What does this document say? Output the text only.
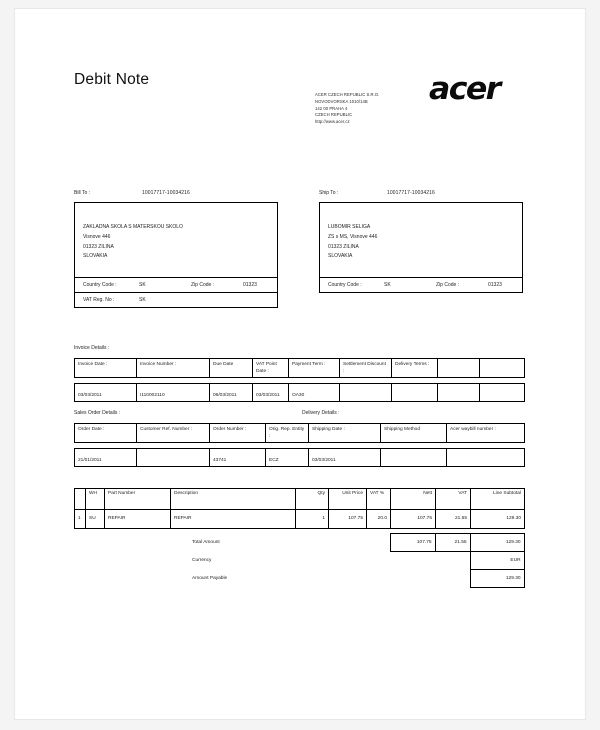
Debit Note
ACER CZECH REPUBLIC S.R.O.
NOVODVORSKA 1010/14B
142 00 PRAHA 4
CZECH REPUBLIC
http://www.acer.cz
acer
Bill To :	10017717-10034216
ZAKLADNA SKOLA S MATERSKOU SKOLO
Visnove 446
01323 ZILINA
SLOVAKIA
Country Code :	SK	Zip Code :	01323
VAT Reg. No :	SK
Ship To :	10017717-10034216
LUBOMIR SELIGA
ZS s MS, Visnove 446
01323 ZILINA
SLOVAKIA
Country Code :	SK	Zip Code :	01323
Invoice Details :
Invoice Date :	Invoice Number :	Due Date	VAT Point Date :	Payment Term :	Settlement Discount :	Delivery Terms :		
03/03/2011	I110002110	06/03/2011	03/03/2011	OA30				
Sales Order Details :	Delivery Details :
Order Date :	Customer Ref. Number :	Order Number :	Orig. Rep. Entity :	Shipping Date :	Shipping Method	Acer waybill number :
21/01/2011		43741	ECZ	03/03/2011		
	WH	Part Number	Description	Qty	Unit Price	VAT %	Nett	VAT	Line Subtotal
1	SU	REPAIR	REPAIR	1	107.75	20.0	107.75	21.55	129.30
	Total Amount	107.75	21.55	129.30
	Currency			EUR
	Amount Payable			129.30
